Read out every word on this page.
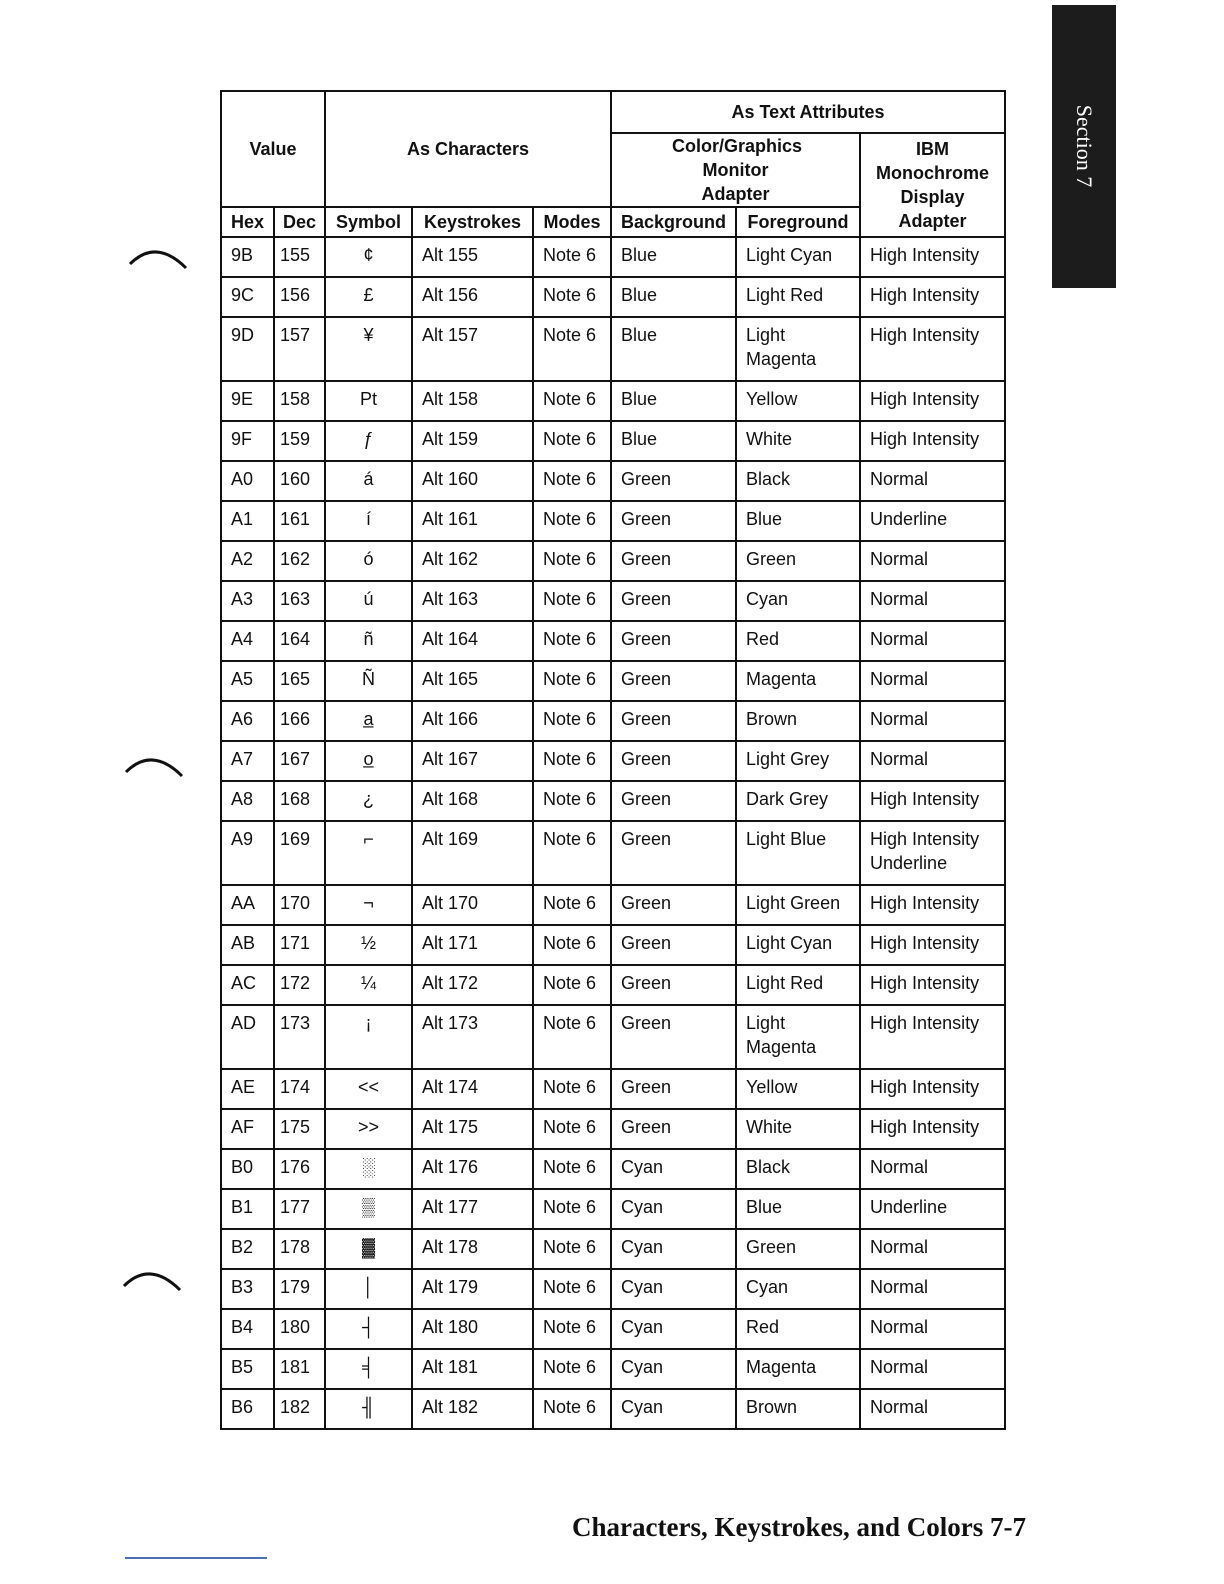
Section 7
Value		As Characters			As Text Attributes		
					Color/Graphics Monitor Adapter		IBM Monochrome Display Adapter
Hex	Dec	Symbol	Keystrokes	Modes	Background	Foreground	
9B	155	¢	Alt 155	Note 6	Blue	Light Cyan	High Intensity
9C	156	£	Alt 156	Note 6	Blue	Light Red	High Intensity
9D	157	¥	Alt 157	Note 6	Blue	Light Magenta	High Intensity
9E	158	Pt	Alt 158	Note 6	Blue	Yellow	High Intensity
9F	159	ƒ	Alt 159	Note 6	Blue	White	High Intensity
A0	160	á	Alt 160	Note 6	Green	Black	Normal
A1	161	í	Alt 161	Note 6	Green	Blue	Underline
A2	162	ó	Alt 162	Note 6	Green	Green	Normal
A3	163	ú	Alt 163	Note 6	Green	Cyan	Normal
A4	164	ñ	Alt 164	Note 6	Green	Red	Normal
A5	165	Ñ	Alt 165	Note 6	Green	Magenta	Normal
A6	166	a̲	Alt 166	Note 6	Green	Brown	Normal
A7	167	o̲	Alt 167	Note 6	Green	Light Grey	Normal
A8	168	¿	Alt 168	Note 6	Green	Dark Grey	High Intensity
A9	169	⌐	Alt 169	Note 6	Green	Light Blue	High Intensity Underline
AA	170	¬	Alt 170	Note 6	Green	Light Green	High Intensity
AB	171	½	Alt 171	Note 6	Green	Light Cyan	High Intensity
AC	172	¼	Alt 172	Note 6	Green	Light Red	High Intensity
AD	173	¡	Alt 173	Note 6	Green	Light Magenta	High Intensity
AE	174	<<	Alt 174	Note 6	Green	Yellow	High Intensity
AF	175	>>	Alt 175	Note 6	Green	White	High Intensity
B0	176	░	Alt 176	Note 6	Cyan	Black	Normal
B1	177	▒	Alt 177	Note 6	Cyan	Blue	Underline
B2	178	▓	Alt 178	Note 6	Cyan	Green	Normal
B3	179	│	Alt 179	Note 6	Cyan	Cyan	Normal
B4	180	┤	Alt 180	Note 6	Cyan	Red	Normal
B5	181	╡	Alt 181	Note 6	Cyan	Magenta	Normal
B6	182	╢	Alt 182	Note 6	Cyan	Brown	Normal
Characters, Keystrokes, and Colors 7-7
